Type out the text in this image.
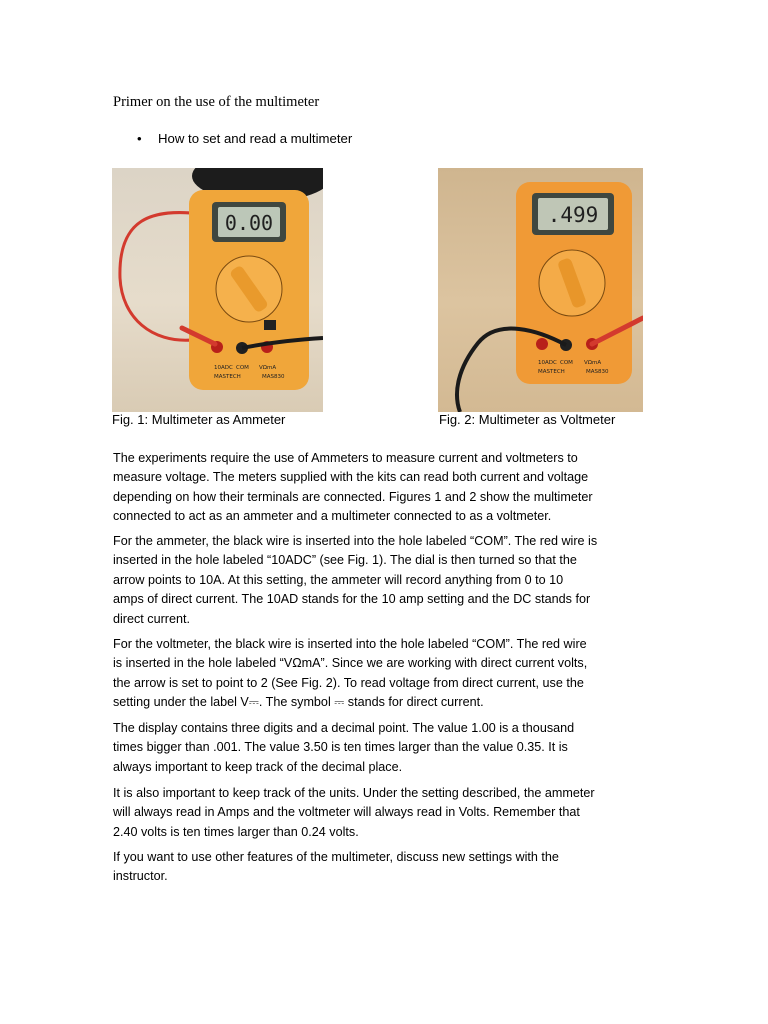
Primer on the use of the multimeter
• How to set and read a multimeter
0.00
10ADC COM VΩmA
MASTECH	MAS830
Fig. 1: Multimeter as Ammeter
.499
10ADC COM VΩmA
MASTECH	MAS830
Fig. 2: Multimeter as Voltmeter
The experiments require the use of Ammeters to measure current and voltmeters to
measure voltage. The meters supplied with the kits can read both current and voltage
depending on how their terminals are connected. Figures 1 and 2 show the multimeter
connected to act as an ammeter and a multimeter connected to as a voltmeter.
For the ammeter, the black wire is inserted into the hole labeled “COM”. The red wire is
inserted in the hole labeled “10ADC” (see Fig. 1). The dial is then turned so that the
arrow points to 10A. At this setting, the ammeter will record anything from 0 to 10
amps of direct current. The 10AD stands for the 10 amp setting and the DC stands for
direct current.
For the voltmeter, the black wire is inserted into the hole labeled “COM”. The red wire
is inserted in the hole labeled “VΩmA”. Since we are working with direct current volts,
the arrow is set to point to 2 (See Fig. 2). To read voltage from direct current, use the
setting under the label V⎓. The symbol ⎓ stands for direct current.
The display contains three digits and a decimal point. The value 1.00 is a thousand
times bigger than .001. The value 3.50 is ten times larger than the value 0.35. It is
always important to keep track of the decimal place.
It is also important to keep track of the units. Under the setting described, the ammeter
will always read in Amps and the voltmeter will always read in Volts. Remember that
2.40 volts is ten times larger than 0.24 volts.
If you want to use other features of the multimeter, discuss new settings with the
instructor.
